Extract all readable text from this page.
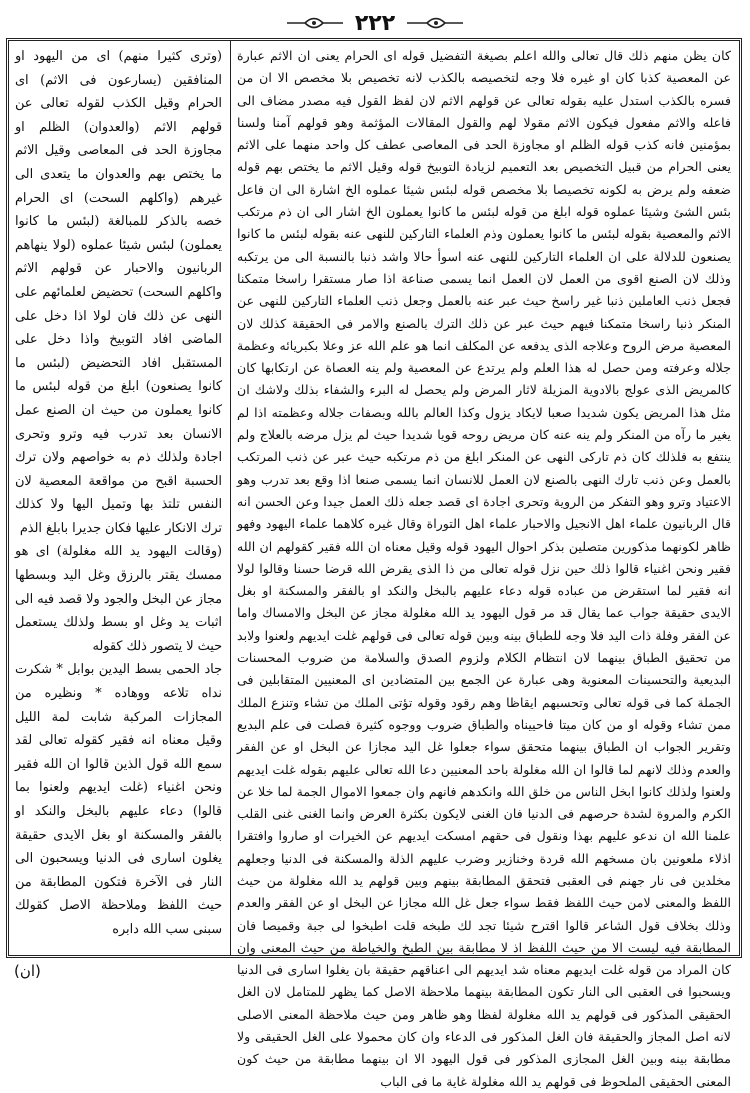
٢٢٢

كان يظن منهم ذلك قال تعالى والله اعلم بصيغة التفضيل قوله اى الحرام يعنى ان الاثم عبارة عن المعصية كذبا كان او غيره فلا وجه لتخصيصه بالكذب لانه تخصيص بلا مخصص الا ان من فسره بالكذب استدل عليه بقوله تعالى عن قولهم الاثم لان لفظ القول فيه مصدر مضاف الى فاعله والاثم مفعول فيكون الاثم مقولا لهم والقول المقالات المؤثمة وهو قولهم آمنا ولسنا بمؤمنين فانه كذب قوله الظلم او مجاوزة الحد فى المعاصى عطف كل واحد منهما على الاثم يعنى الحرام من قبيل التخصيص بعد التعميم لزيادة التوبيخ قوله وقيل الاثم ما يختص بهم قوله ضعفه ولم يرض به لكونه تخصيصا بلا مخصص قوله لبئس شيئا عملوه الخ اشارة الى ان فاعل بئس الشئ وشيئا عملوه قوله ابلغ من قوله لبئس ما كانوا يعملون الخ اشار الى ان ذم مرتكب الاثم والمعصية بقوله لبئس ما كانوا يعملون وذم العلماء التاركين للنهى عنه بقوله لبئس ما كانوا يصنعون للدلالة على ان العلماء التاركين للنهى عنه اسوأ حالا واشد ذنبا بالنسبة الى من يرتكبه وذلك لان الصنع اقوى من العمل لان العمل انما يسمى صناعة اذا صار مستقرا راسخا متمكنا فجعل ذنب العاملين ذنبا غير راسخ حيث عبر عنه بالعمل وجعل ذنب العلماء التاركين للنهى عن المنكر ذنبا راسخا متمكنا فيهم حيث عبر عن ذلك الترك بالصنع والامر فى الحقيقة كذلك لان المعصية مرض الروح وعلاجه الذى يدفعه عن المكلف انما هو علم الله عز وعلا بكبريائه وعظمة جلاله وعرفته ومن حصل له هذا العلم ولم يرتدع عن المعصية ولم ينه العصاة عن ارتكابها كان كالمريض الذى عولج بالادوية المزيلة لاثار المرض ولم يحصل له البرء والشفاء بذلك ولاشك ان مثل هذا المريض يكون شديدا صعبا لايكاد يزول وكذا العالم بالله وبصفات جلاله وعظمته اذا لم يغير ما رآه من المنكر ولم ينه عنه كان مريض روحه قويا شديدا حيث لم يزل مرضه بالعلاج ولم ينتفع به فلذلك كان ذم تاركى النهى عن المنكر ابلغ من ذم مرتكبه حيث عبر عن ذنب المرتكب بالعمل وعن ذنب تارك النهى بالصنع لان العمل للانسان انما يسمى صنعا اذا وقع بعد تدرب وهو الاعتياد وترو وهو التفكر من الروية وتحرى اجادة اى قصد جعله ذلك العمل جيدا وعن الحسن انه قال الربانيون علماء اهل الانجيل والاحبار علماء اهل التوراة وقال غيره كلاهما علماء اليهود وفهو ظاهر لكونهما مذكورين متصلين بذكر احوال اليهود قوله وقيل معناه ان الله فقير كقولهم ان الله فقير ونحن اغنياء قالوا ذلك حين نزل قوله تعالى من ذا الذى يقرض الله قرضا حسنا وقالوا لولا انه فقير لما استقرض من عباده قوله دعاء عليهم بالبخل والنكد او بالفقر والمسكنة او بغل الايدى حقيقة جواب عما يقال قد مر قول اليهود يد الله مغلولة مجاز عن البخل والامساك واما عن الفقر وفلة ذات اليد فلا وجه للطباق بينه وبين قوله تعالى فى قولهم غلت ايديهم ولعنوا ولابد من تحقيق الطباق بينهما لان انتظام الكلام ولزوم الصدق والسلامة من ضروب المحسنات البديعية والتحسينات المعنوية وهى عبارة عن الجمع بين المتضادين اى المعنيين المتقابلين فى الجملة كما فى قوله تعالى وتحسبهم ايقاظا وهم رقود وقوله تؤتى الملك من تشاء وتنزع الملك ممن تشاء وقوله او من كان ميتا فاحييناه والطباق ضروب ووجوه كثيرة فصلت فى علم البديع وتقرير الجواب ان الطباق بينهما متحقق سواء جعلوا غل اليد مجازا عن البخل او عن الفقر والعدم وذلك لانهم لما قالوا ان الله مغلولة باحد المعنيين دعا الله تعالى عليهم بقوله غلت ايديهم ولعنوا ولذلك كانوا ابخل الناس من خلق الله وانكدهم فانهم وان جمعوا الاموال الجمة لما خلا عن الكرم والمروة لشدة حرصهم فى الدنيا فان الغنى لايكون بكثرة العرض وانما الغنى غنى القلب علمنا الله ان ندعو عليهم بهذا ونقول فى حقهم امسكت ايديهم عن الخيرات او صاروا وافتقرا اذلاء ملعونين بان مسخهم الله قردة وخنازير وضرب عليهم الذلة والمسكنة فى الدنيا وجعلهم مخلدين فى نار جهنم فى العقبى فتحقق المطابقة بينهم وبين قولهم يد الله مغلولة من حيث اللفظ والمعنى لامن حيث اللفظ فقط سواء جعل غل الله مجازا عن البخل او عن الفقر والعدم وذلك بخلاف قول الشاعر قالوا اقترح شيئا تجد لك طبخه قلت اطبخوا لى جبة وقميصا فان المطابقة فيه ليست الا من حيث اللفظ اذ لا مطابقة بين الطبخ والخياطة من حيث المعنى وان كان المراد من قوله غلت ايديهم معناه شد ايديهم الى اعناقهم حقيقة بان يغلوا اسارى فى الدنيا ويسحبوا فى العقبى الى النار تكون المطابقة بينهما ملاحظة الاصل كما يظهر للمتامل لان الغل الحقيقى المذكور فى قولهم يد الله مغلولة لفظا وهو ظاهر ومن حيث ملاحظة المعنى الاصلى لانه اصل المجاز والحقيقة فان الغل المذكور فى الدعاء وان كان محمولا على الغل الحقيقى ولا مطابقة بينه وبين الغل المجازى المذكور فى قول اليهود الا ان بينهما مطابقة من حيث كون المعنى الحقيقى الملحوظ فى قولهم يد الله مغلولة غاية ما فى الباب

(وترى كثيرا منهم) اى من اليهود او المنافقين (يسارعون فى الاثم) اى الحرام وقيل الكذب لقوله تعالى عن قولهم الاثم (والعدوان) الظلم او مجاوزة الحد فى المعاصى وقيل الاثم ما يختص بهم والعدوان ما يتعدى الى غيرهم (واكلهم السحت) اى الحرام خصه بالذكر للمبالغة (لبئس ما كانوا يعملون) لبئس شيئا عملوه (لولا ينهاهم الربانيون والاحبار عن قولهم الاثم واكلهم السحت) تحضيض لعلمائهم على النهى عن ذلك فان لولا اذا دخل على الماضى افاد التوبيخ واذا دخل على المستقبل افاد التحضيض (لبئس ما كانوا يصنعون) ابلغ من قوله لبئس ما كانوا يعملون من حيث ان الصنع عمل الانسان بعد تدرب فيه وترو وتحرى اجادة ولذلك ذم به خواصهم ولان ترك الحسبة اقبح من مواقعة المعصية لان النفس تلتذ بها وتميل اليها ولا كذلك ترك الانكار عليها فكان جديرا بابلغ الذم

(وقالت اليهود يد الله مغلولة) اى هو ممسك يقتر بالرزق وغل اليد وبسطها مجاز عن البخل والجود ولا قصد فيه الى اثبات يد وغل او بسط ولذلك يستعمل حيث لا يتصور ذلك كقوله

جاد الحمى بسط اليدين بوابل * شكرت نداه تلاعه ووهاده * ونظيره من المجازات المركبة شابت لمة الليل وقيل معناه انه فقير كقوله تعالى لقد سمع الله قول الذين قالوا ان الله فقير ونحن اغنياء (غلت ايديهم ولعنوا بما قالوا) دعاء عليهم بالبخل والنكد او بالفقر والمسكنة او بغل الايدى حقيقة يغلون اسارى فى الدنيا ويسحبون الى النار فى الآخرة فتكون المطابقة من حيث اللفظ وملاحظة الاصل كقولك سبنى سب الله دابره

(ان)
